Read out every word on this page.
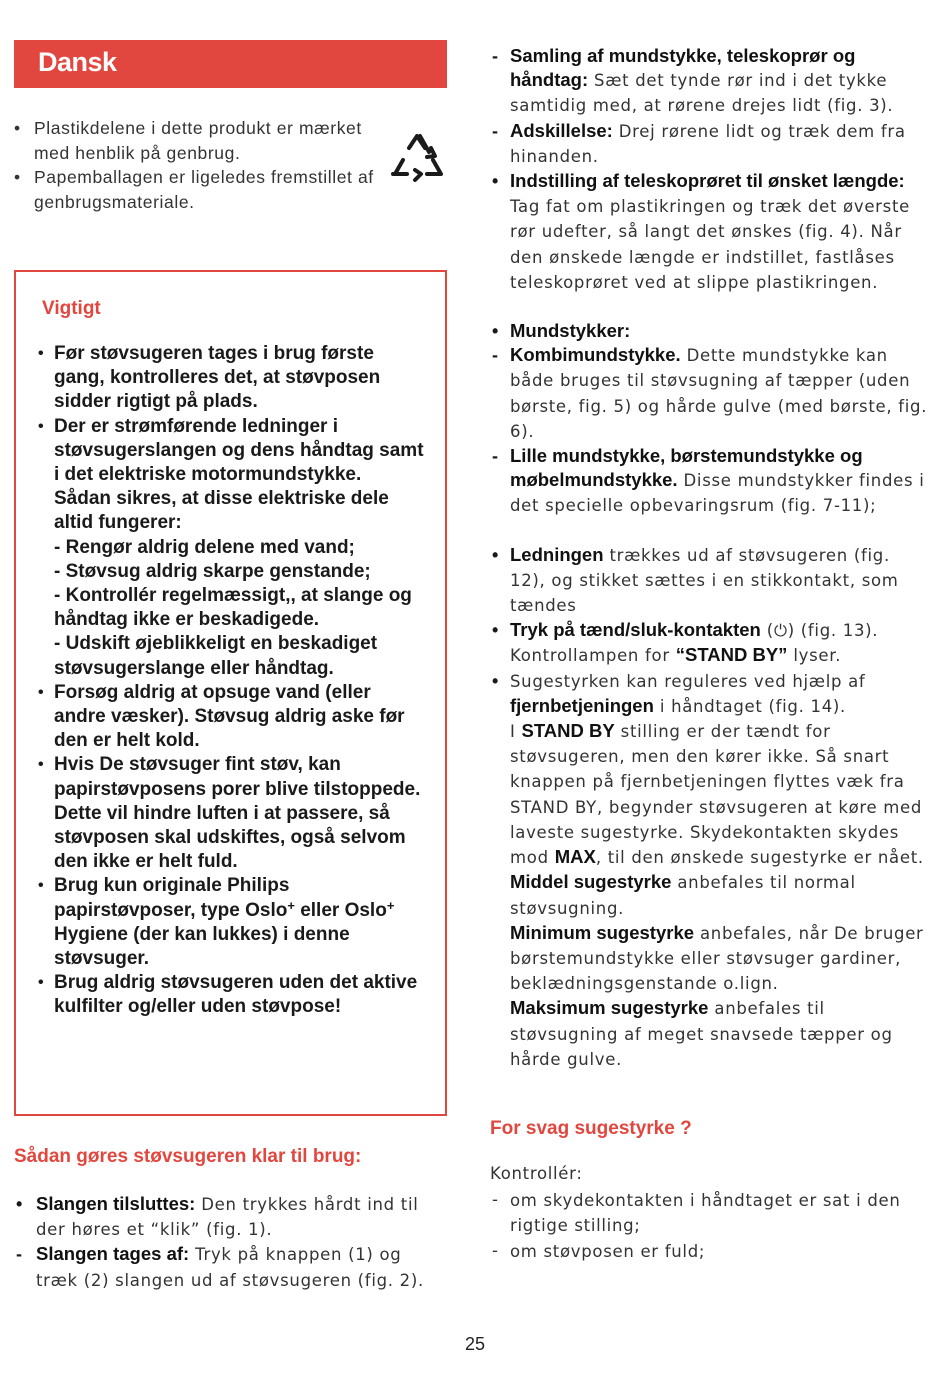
Dansk
• Plastikdelene i dette produkt er mærket med henblik på genbrug.
• Papemballagen er ligeledes fremstillet af genbrugsmateriale.
Vigtigt
• Før støvsugeren tages i brug første gang, kontrolleres det, at støvposen sidder rigtigt på plads.
• Der er strømførende ledninger i støvsugerslangen og dens håndtag samt i det elektriske motormundstykke.
Sådan sikres, at disse elektriske dele altid fungerer:
- Rengør aldrig delene med vand;
- Støvsug aldrig skarpe genstande;
- Kontrollér regelmæssigt,, at slange og håndtag ikke er beskadigede.
- Udskift øjeblikkeligt en beskadiget støvsugerslange eller håndtag.
• Forsøg aldrig at opsuge vand (eller andre væsker). Støvsug aldrig aske før den er helt kold.
• Hvis De støvsuger fint støv, kan papirstøvposens porer blive tilstoppede. Dette vil hindre luften i at passere, så støvposen skal udskiftes, også selvom den ikke er helt fuld.
• Brug kun originale Philips papirstøvposer, type Oslo+ eller Oslo+ Hygiene (der kan lukkes) i denne støvsuger.
• Brug aldrig støvsugeren uden det aktive kulfilter og/eller uden støvpose!
Sådan gøres støvsugeren klar til brug:
• Slangen tilsluttes: Den trykkes hårdt ind til der høres et “klik” (fig. 1).
- Slangen tages af: Tryk på knappen (1) og træk (2) slangen ud af støvsugeren (fig. 2).
- Samling af mundstykke, teleskoprør og håndtag: Sæt det tynde rør ind i det tykke samtidig med, at rørene drejes lidt (fig. 3).
- Adskillelse: Drej rørene lidt og træk dem fra hinanden.
• Indstilling af teleskoprøret til ønsket længde: Tag fat om plastikringen og træk det øverste rør udefter, så langt det ønskes (fig. 4). Når den ønskede længde er indstillet, fastlåses teleskoprøret ved at slippe plastikringen.
• Mundstykker:
- Kombimundstykke. Dette mundstykke kan både bruges til støvsugning af tæpper (uden børste, fig. 5) og hårde gulve (med børste, fig. 6).
- Lille mundstykke, børstemundstykke og møbelmundstykke. Disse mundstykker findes i det specielle opbevaringsrum (fig. 7-11);
• Ledningen trækkes ud af støvsugeren (fig. 12), og stikket sættes i en stikkontakt, som tændes
• Tryk på tænd/sluk-kontakten (⏻) (fig. 13). Kontrollampen for “STAND BY” lyser.
• Sugestyrken kan reguleres ved hjælp af fjernbetjeningen i håndtaget (fig. 14).
I STAND BY stilling er der tændt for støvsugeren, men den kører ikke. Så snart knappen på fjernbetjeningen flyttes væk fra STAND BY, begynder støvsugeren at køre med laveste sugestyrke. Skydekontakten skydes mod MAX, til den ønskede sugestyrke er nået.
Middel sugestyrke anbefales til normal støvsugning.
Minimum sugestyrke anbefales, når De bruger børstemundstykke eller støvsuger gardiner, beklædningsgenstande o.lign.
Maksimum sugestyrke anbefales til støvsugning af meget snavsede tæpper og hårde gulve.
For svag sugestyrke ?
Kontrollér:
- om skydekontakten i håndtaget er sat i den rigtige stilling;
- om støvposen er fuld;
25
